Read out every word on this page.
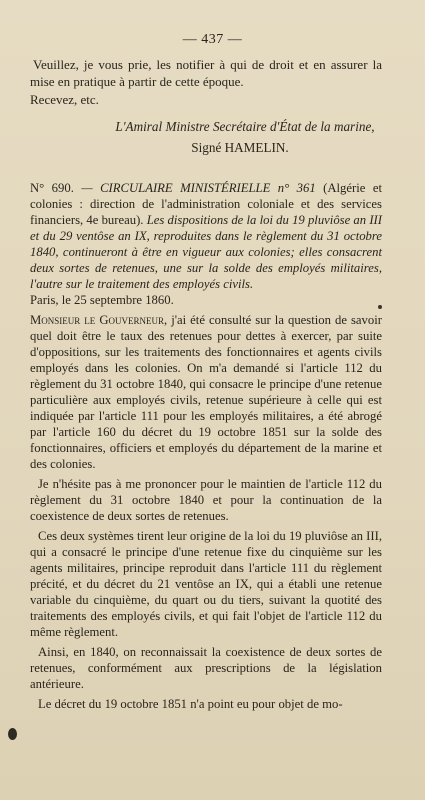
— 437 —

Veuillez, je vous prie, les notifier à qui de droit et en assurer la mise en pratique à partir de cette époque.

Recevez, etc.

L'Amiral Ministre Secrétaire d'État de la marine,
Signé HAMELIN.

N° 690. — CIRCULAIRE MINISTÉRIELLE n° 361 (Algérie et colonies : direction de l'administration coloniale et des services financiers, 4e bureau). Les dispositions de la loi du 19 pluviôse an III et du 29 ventôse an IX, reproduites dans le règlement du 31 octobre 1840, continueront à être en vigueur aux colonies; elles consacrent deux sortes de retenues, une sur la solde des employés militaires, l'autre sur le traitement des employés civils.

Paris, le 25 septembre 1860.

Monsieur le Gouverneur, j'ai été consulté sur la question de savoir quel doit être le taux des retenues pour dettes à exercer, par suite d'oppositions, sur les traitements des fonctionnaires et agents civils employés dans les colonies. On m'a demandé si l'article 112 du règlement du 31 octobre 1840, qui consacre le principe d'une retenue particulière aux employés civils, retenue supérieure à celle qui est indiquée par l'article 111 pour les employés militaires, a été abrogé par l'article 160 du décret du 19 octobre 1851 sur la solde des fonctionnaires, officiers et employés du département de la marine et des colonies.

Je n'hésite pas à me prononcer pour le maintien de l'article 112 du règlement du 31 octobre 1840 et pour la continuation de la coexistence de deux sortes de retenues.

Ces deux systèmes tirent leur origine de la loi du 19 pluviôse an III, qui a consacré le principe d'une retenue fixe du cinquième sur les agents militaires, principe reproduit dans l'article 111 du règlement précité, et du décret du 21 ventôse an IX, qui a établi une retenue variable du cinquième, du quart ou du tiers, suivant la quotité des traitements des employés civils, et qui fait l'objet de l'article 112 du même règlement.

Ainsi, en 1840, on reconnaissait la coexistence de deux sortes de retenues, conformément aux prescriptions de la législation antérieure.

Le décret du 19 octobre 1851 n'a point eu pour objet de mo-
